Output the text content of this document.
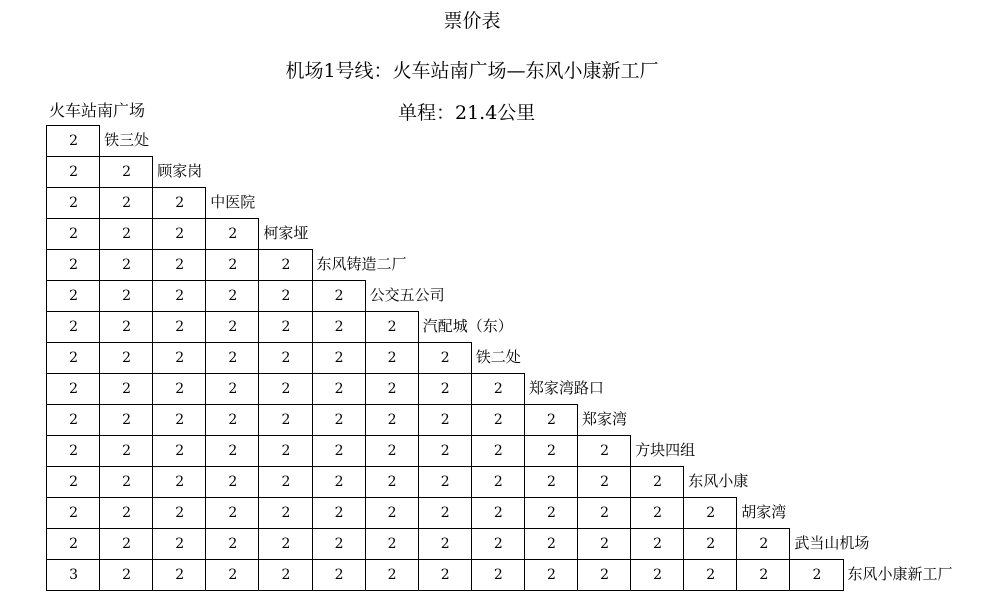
票价表
机场1号线：火车站南广场—东风小康新工厂
单程：21.4公里
火车站南广场
2	铁三处
2	2	顾家岗
2	2	2	中医院
2	2	2	2	柯家垭
2	2	2	2	2	东风铸造二厂
2	2	2	2	2	2	公交五公司
2	2	2	2	2	2	2	汽配城（东）
2	2	2	2	2	2	2	2	铁二处
2	2	2	2	2	2	2	2	2	郑家湾路口
2	2	2	2	2	2	2	2	2	2	郑家湾
2	2	2	2	2	2	2	2	2	2	2	方块四组
2	2	2	2	2	2	2	2	2	2	2	2	东风小康
2	2	2	2	2	2	2	2	2	2	2	2	2	胡家湾
2	2	2	2	2	2	2	2	2	2	2	2	2	2	武当山机场
3	2	2	2	2	2	2	2	2	2	2	2	2	2	2	东风小康新工厂
